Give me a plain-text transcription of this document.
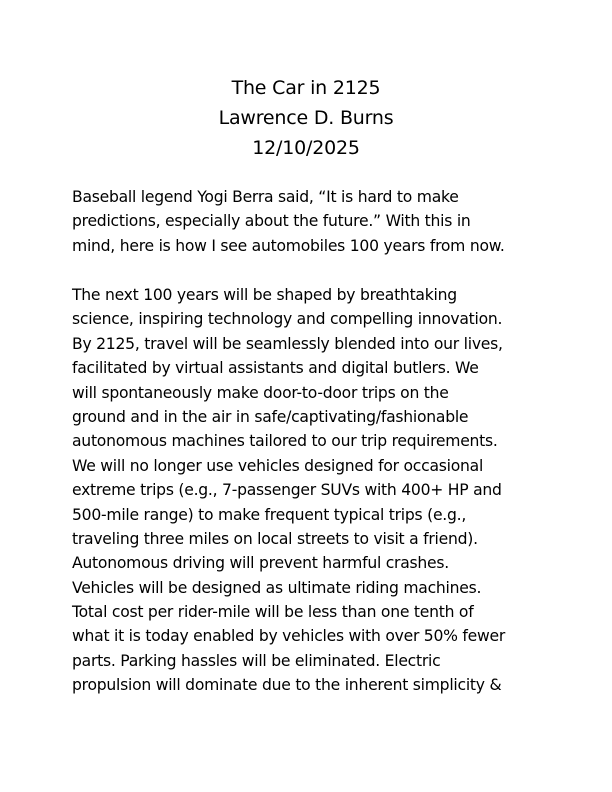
The Car in 2125
Lawrence D. Burns
12/10/2025
Baseball legend Yogi Berra said, “It is hard to make
predictions, especially about the future.” With this in
mind, here is how I see automobiles 100 years from now.
The next 100 years will be shaped by breathtaking
science, inspiring technology and compelling innovation.
By 2125, travel will be seamlessly blended into our lives,
facilitated by virtual assistants and digital butlers. We
will spontaneously make door-to-door trips on the
ground and in the air in safe/captivating/fashionable
autonomous machines tailored to our trip requirements.
We will no longer use vehicles designed for occasional
extreme trips (e.g., 7-passenger SUVs with 400+ HP and
500-mile range) to make frequent typical trips (e.g.,
traveling three miles on local streets to visit a friend).
Autonomous driving will prevent harmful crashes.
Vehicles will be designed as ultimate riding machines.
Total cost per rider-mile will be less than one tenth of
what it is today enabled by vehicles with over 50% fewer
parts. Parking hassles will be eliminated. Electric
propulsion will dominate due to the inherent simplicity &
